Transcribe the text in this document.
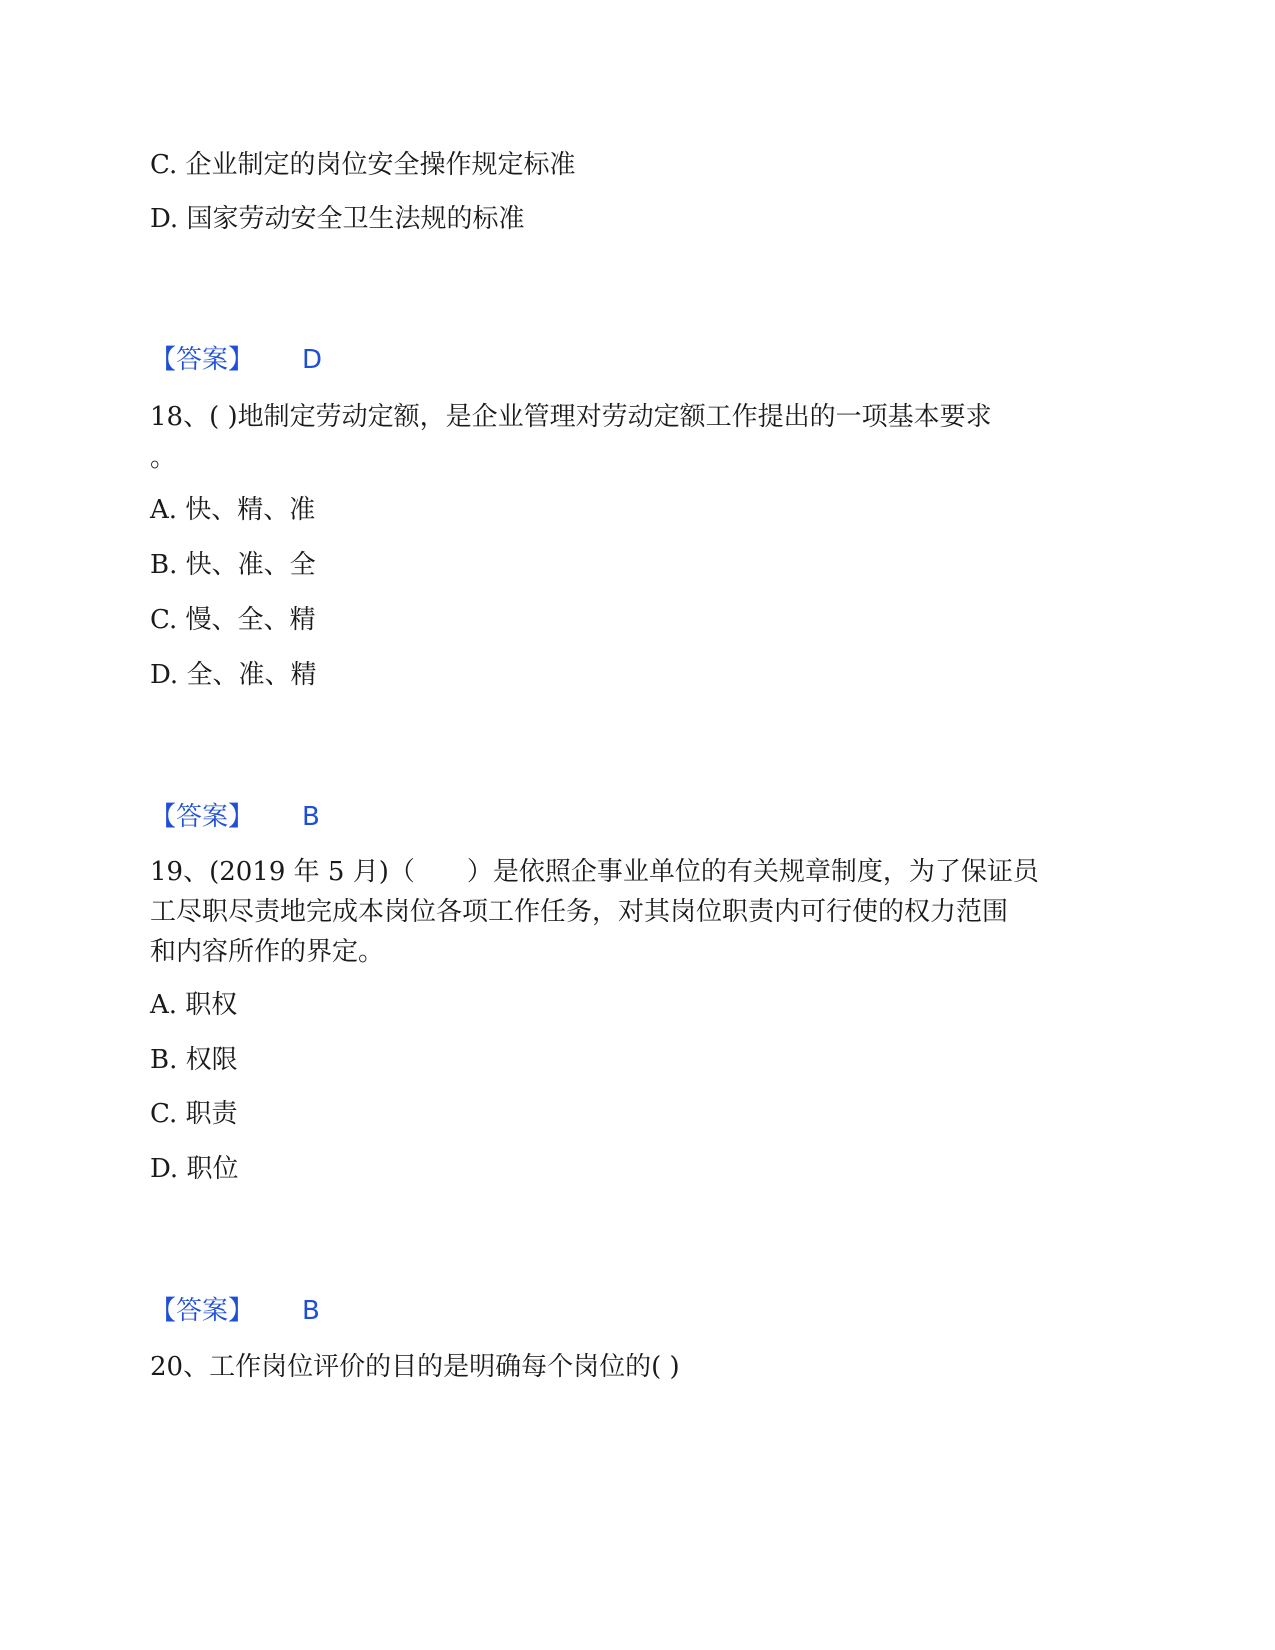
C. 企业制定的岗位安全操作规定标准
D. 国家劳动安全卫生法规的标准
【答案】 D
18、( )地制定劳动定额，是企业管理对劳动定额工作提出的一项基本要求
。
A. 快、精、准
B. 快、准、全
C. 慢、全、精
D. 全、准、精
【答案】 B
19、(2019 年 5 月)（　　）是依照企事业单位的有关规章制度，为了保证员
工尽职尽责地完成本岗位各项工作任务，对其岗位职责内可行使的权力范围
和内容所作的界定。
A. 职权
B. 权限
C. 职责
D. 职位
【答案】 B
20、工作岗位评价的目的是明确每个岗位的( )
